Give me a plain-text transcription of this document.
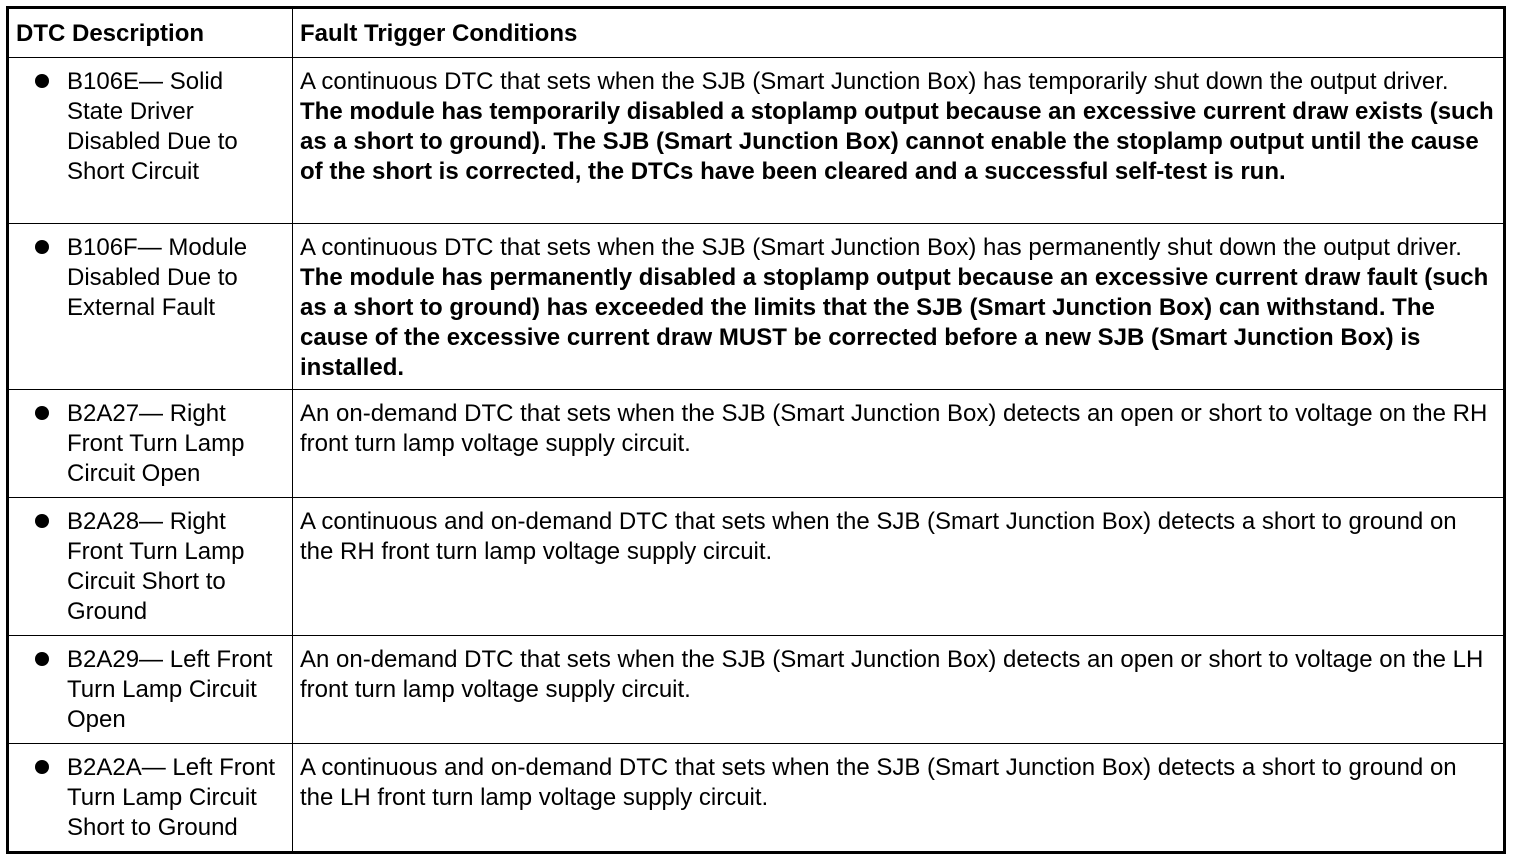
DTC Description	Fault Trigger Conditions

B106E— Solid State Driver Disabled Due to Short Circuit	A continuous DTC that sets when the SJB (Smart Junction Box) has temporarily shut down the output driver. The module has temporarily disabled a stoplamp output because an excessive current draw exists (such as a short to ground). The SJB (Smart Junction Box) cannot enable the stoplamp output until the cause of the short is corrected, the DTCs have been cleared and a successful self-test is run.

B106F— Module Disabled Due to External Fault	A continuous DTC that sets when the SJB (Smart Junction Box) has permanently shut down the output driver. The module has permanently disabled a stoplamp output because an excessive current draw fault (such as a short to ground) has exceeded the limits that the SJB (Smart Junction Box) can withstand. The cause of the excessive current draw MUST be corrected before a new SJB (Smart Junction Box) is installed.

B2A27— Right Front Turn Lamp Circuit Open	An on-demand DTC that sets when the SJB (Smart Junction Box) detects an open or short to voltage on the RH front turn lamp voltage supply circuit.

B2A28— Right Front Turn Lamp Circuit Short to Ground	A continuous and on-demand DTC that sets when the SJB (Smart Junction Box) detects a short to ground on the RH front turn lamp voltage supply circuit.

B2A29— Left Front Turn Lamp Circuit Open	An on-demand DTC that sets when the SJB (Smart Junction Box) detects an open or short to voltage on the LH front turn lamp voltage supply circuit.

B2A2A— Left Front Turn Lamp Circuit Short to Ground	A continuous and on-demand DTC that sets when the SJB (Smart Junction Box) detects a short to ground on the LH front turn lamp voltage supply circuit.
